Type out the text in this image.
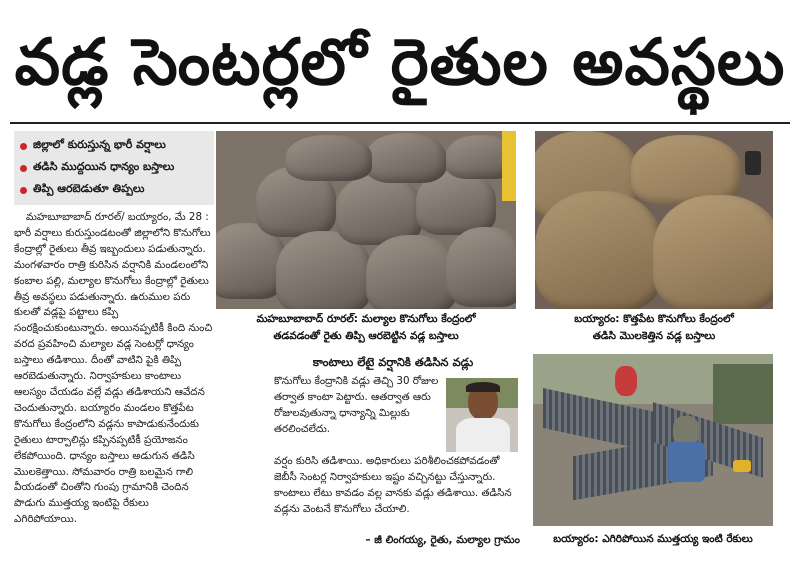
వడ్ల సెంటర్లలో రైతుల అవస్థలు
జిల్లాలో కురుస్తున్న భారీ వర్షాలు
తడిసి ముద్దయిన ధాన్యం బస్తాలు
తిప్పి ఆరబెడుతూ తిప్పలు

మహబూబాబాద్ రూరల్/ బయ్యారం, మే 28 : భారీ వర్షాలు కురుస్తుండటంతో జిల్లాలోని కొనుగోలు కేంద్రాల్లో రైతులు తీవ్ర ఇబ్బందులు పడుతున్నారు. మంగళవారం రాత్రి కురిసిన వర్షానికి మండలంలోని కంబాల పల్లి, మల్యాల కొనుగోలు కేంద్రాల్లో రైతులు తీవ్ర అవస్థలు పడుతున్నారు. ఉరుముల పరు కులతో వడ్లపై పట్టాలు కప్పి సంరక్షించుకుంటున్నారు. అయినప్పటికీ కింది నుంచి వరద ప్రవహించి మల్యాల వడ్ల సెంటర్లో ధాన్యం బస్తాలు తడిశాయి. దీంతో వాటిని పైకి తిప్పి ఆరబెడుతున్నారు. నిర్వాహకులు కాంటాలు ఆలస్యం చేయడం వల్లే వడ్లు తడిశాయని ఆవేదన చెందుతున్నారు. బయ్యారం మండలం కొత్తపేట కొనుగోలు కేంద్రంలోని వడ్లను కాపాడుకునేందుకు రైతులు టార్పాలిన్లు కప్పినప్పటికీ ప్రయోజనం లేకపోయింది. ధాన్యం బస్తాలు అడుగున తడిసి మొలకెత్తాయి. సోమవారం రాత్రి బలమైన గాలి వీయడంతో చింతోని గుంపు గ్రామానికి చెందిన పొడుగు ముత్తయ్య ఇంటిపై రేకులు ఎగిరిపోయాయి.

మహబూబాబాద్ రూరల్: మల్యాల కొనుగోలు కేంద్రంలో
తడవడంతో రైతు తిప్పి ఆరబెట్టిన వడ్ల బస్తాలు
బయ్యారం: కొత్తపేట కొనుగోలు కేంద్రంలో
తడిసి మొలకెత్తిన వడ్ల బస్తాలు
కాంటాలు లేటై వర్షానికి తడిసిన వడ్లు
కొనుగోలు కేంద్రానికి వడ్లు తెచ్చి 30 రోజుల తర్వాత కాంటా పెట్టారు. ఆతర్వాత ఆరు రోజులవుతున్నా ధాన్యాన్ని మిల్లుకు తరలించలేదు.
వర్షం కురిసి తడిశాయి. అధికారులు పరిశీలించకపోవడంతో జెబీసీ సెంటర్ల నిర్వాహకులు ఇష్టం వచ్చినట్టు చేస్తున్నారు. కాంటాలు లేటు కావడం వల్ల వానకు వడ్లు తడిశాయి. తడిసిన వడ్లను వెంటనే కొనుగోలు చేయాలి.
– జీ లింగయ్య, రైతు, మల్యాల గ్రామం	బయ్యారం: ఎగిరిపోయిన ముత్తయ్య ఇంటి రేకులు
